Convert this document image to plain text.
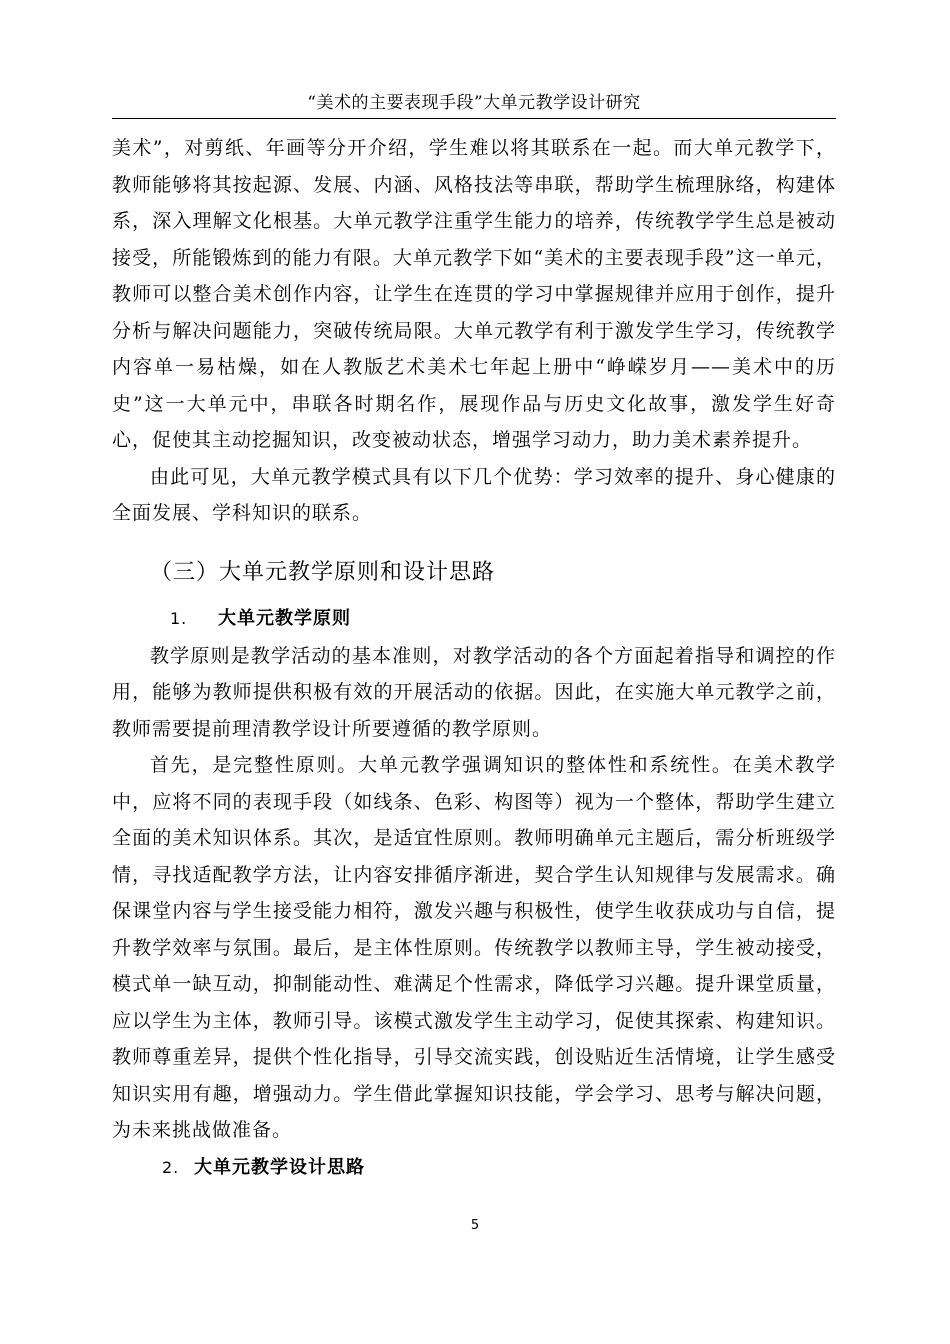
“美术的主要表现手段”大单元教学设计研究

美术”，对剪纸、年画等分开介绍，学生难以将其联系在一起。而大单元教学下，教师能够将其按起源、发展、内涵、风格技法等串联，帮助学生梳理脉络，构建体系，深入理解文化根基。大单元教学注重学生能力的培养，传统教学学生总是被动接受，所能锻炼到的能力有限。大单元教学下如“美术的主要表现手段”这一单元，教师可以整合美术创作内容，让学生在连贯的学习中掌握规律并应用于创作，提升分析与解决问题能力，突破传统局限。大单元教学有利于激发学生学习，传统教学内容单一易枯燥，如在人教版艺术美术七年起上册中“峥嵘岁月——美术中的历史”这一大单元中，串联各时期名作，展现作品与历史文化故事，激发学生好奇心，促使其主动挖掘知识，改变被动状态，增强学习动力，助力美术素养提升。

由此可见，大单元教学模式具有以下几个优势：学习效率的提升、身心健康的全面发展、学科知识的联系。

（三）大单元教学原则和设计思路
1. 大单元教学原则

教学原则是教学活动的基本准则，对教学活动的各个方面起着指导和调控的作用，能够为教师提供积极有效的开展活动的依据。因此，在实施大单元教学之前，教师需要提前理清教学设计所要遵循的教学原则。

首先，是完整性原则。大单元教学强调知识的整体性和系统性。在美术教学中，应将不同的表现手段（如线条、色彩、构图等）视为一个整体，帮助学生建立全面的美术知识体系。其次，是适宜性原则。教师明确单元主题后，需分析班级学情，寻找适配教学方法，让内容安排循序渐进，契合学生认知规律与发展需求。确保课堂内容与学生接受能力相符，激发兴趣与积极性，使学生收获成功与自信，提升教学效率与氛围。最后，是主体性原则。传统教学以教师主导，学生被动接受，模式单一缺互动，抑制能动性、难满足个性需求，降低学习兴趣。提升课堂质量，应以学生为主体，教师引导。该模式激发学生主动学习，促使其探索、构建知识。教师尊重差异，提供个性化指导，引导交流实践，创设贴近生活情境，让学生感受知识实用有趣，增强动力。学生借此掌握知识技能，学会学习、思考与解决问题，为未来挑战做准备。

2. 大单元教学设计思路
5
